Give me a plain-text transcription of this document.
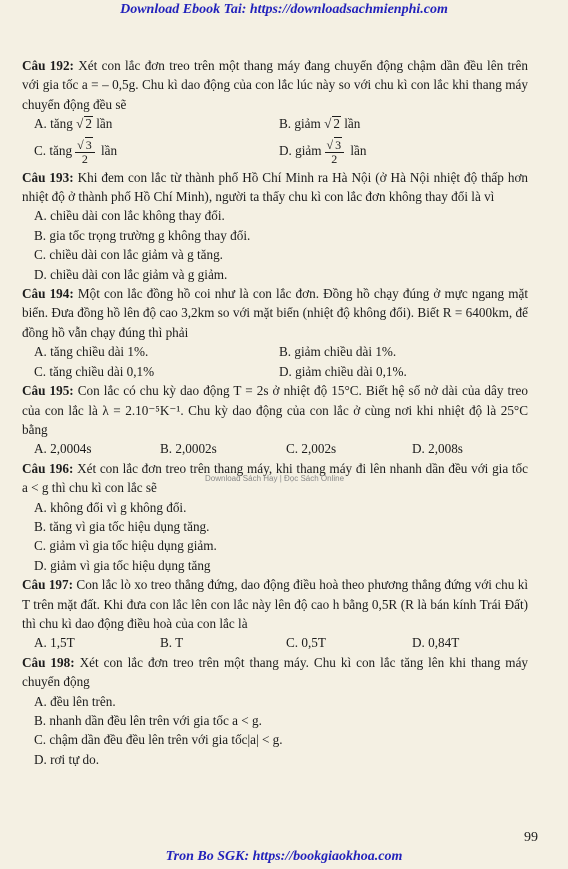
Download Ebook Tai: https://downloadsachmienphi.com

Câu 192: Xét con lắc đơn treo trên một thang máy đang chuyển động chậm dần đều lên trên với gia tốc a = – 0,5g. Chu kì dao động của con lắc lúc này so với chu kì con lắc khi thang máy chuyển động đều sẽ

A. tăng √ 2 lần	B. giảm √ 2 lần
C. tăng $\frac{√ 3}{2}$ lần	D. giảm $\frac{√ 3}{2}$ lần

Câu 193: Khi đem con lắc từ thành phố Hồ Chí Minh ra Hà Nội (ở Hà Nội nhiệt độ thấp hơn nhiệt độ ở thành phố Hồ Chí Minh), người ta thấy chu kì con lắc đơn không thay đổi là vì

A. chiều dài con lắc không thay đổi.

B. gia tốc trọng trường g không thay đổi.

C. chiều dài con lắc giảm và g tăng.

D. chiều dài con lắc giảm và g giảm.

Câu 194: Một con lắc đồng hồ coi như là con lắc đơn. Đồng hồ chạy đúng ở mực ngang mặt biển. Đưa đồng hồ lên độ cao 3,2km so với mặt biển (nhiệt độ không đổi). Biết R = 6400km, để đồng hồ vẫn chạy đúng thì phải

A. tăng chiều dài 1%.	B. giảm chiều dài 1%.
C. tăng chiều dài 0,1%	D. giảm chiều dài 0,1%.

Câu 195: Con lắc có chu kỳ dao động T = 2s ở nhiệt độ 15°C. Biết hệ số nở dài của dây treo của con lắc là λ = 2.10⁻⁵K⁻¹. Chu kỳ dao động của con lắc ở cùng nơi khi nhiệt độ là 25°C bằng

A. 2,0004s	B. 2,0002s	C. 2,002s	D. 2,008s

Câu 196: Xét con lắc đơn treo trên thang máy, khi thang máy đi lên nhanh dần đều với gia tốc a < g thì chu kì con lắc sẽ

A. không đổi vì g không đổi.

B. tăng vì gia tốc hiệu dụng tăng.

C. giảm vì gia tốc hiệu dụng giảm.

D. giảm vì gia tốc hiệu dụng tăng

Câu 197: Con lắc lò xo treo thẳng đứng, dao động điều hoà theo phương thẳng đứng với chu kì T trên mặt đất. Khi đưa con lắc lên con lắc này lên độ cao h bằng 0,5R (R là bán kính Trái Đất) thì chu kì dao động điều hoà của con lắc là

A. 1,5T	B. T	C. 0,5T	D. 0,84T

Câu 198: Xét con lắc đơn treo trên một thang máy. Chu kì con lắc tăng lên khi thang máy chuyển động

A. đều lên trên.

B. nhanh dần đều lên trên với gia tốc a < g.

C. chậm dần đều đều lên trên với gia tốc|a| < g.

D. rơi tự do.

Download Sách Hay | Đọc Sách Online
99
Tron Bo SGK: https://bookgiaokhoa.com
